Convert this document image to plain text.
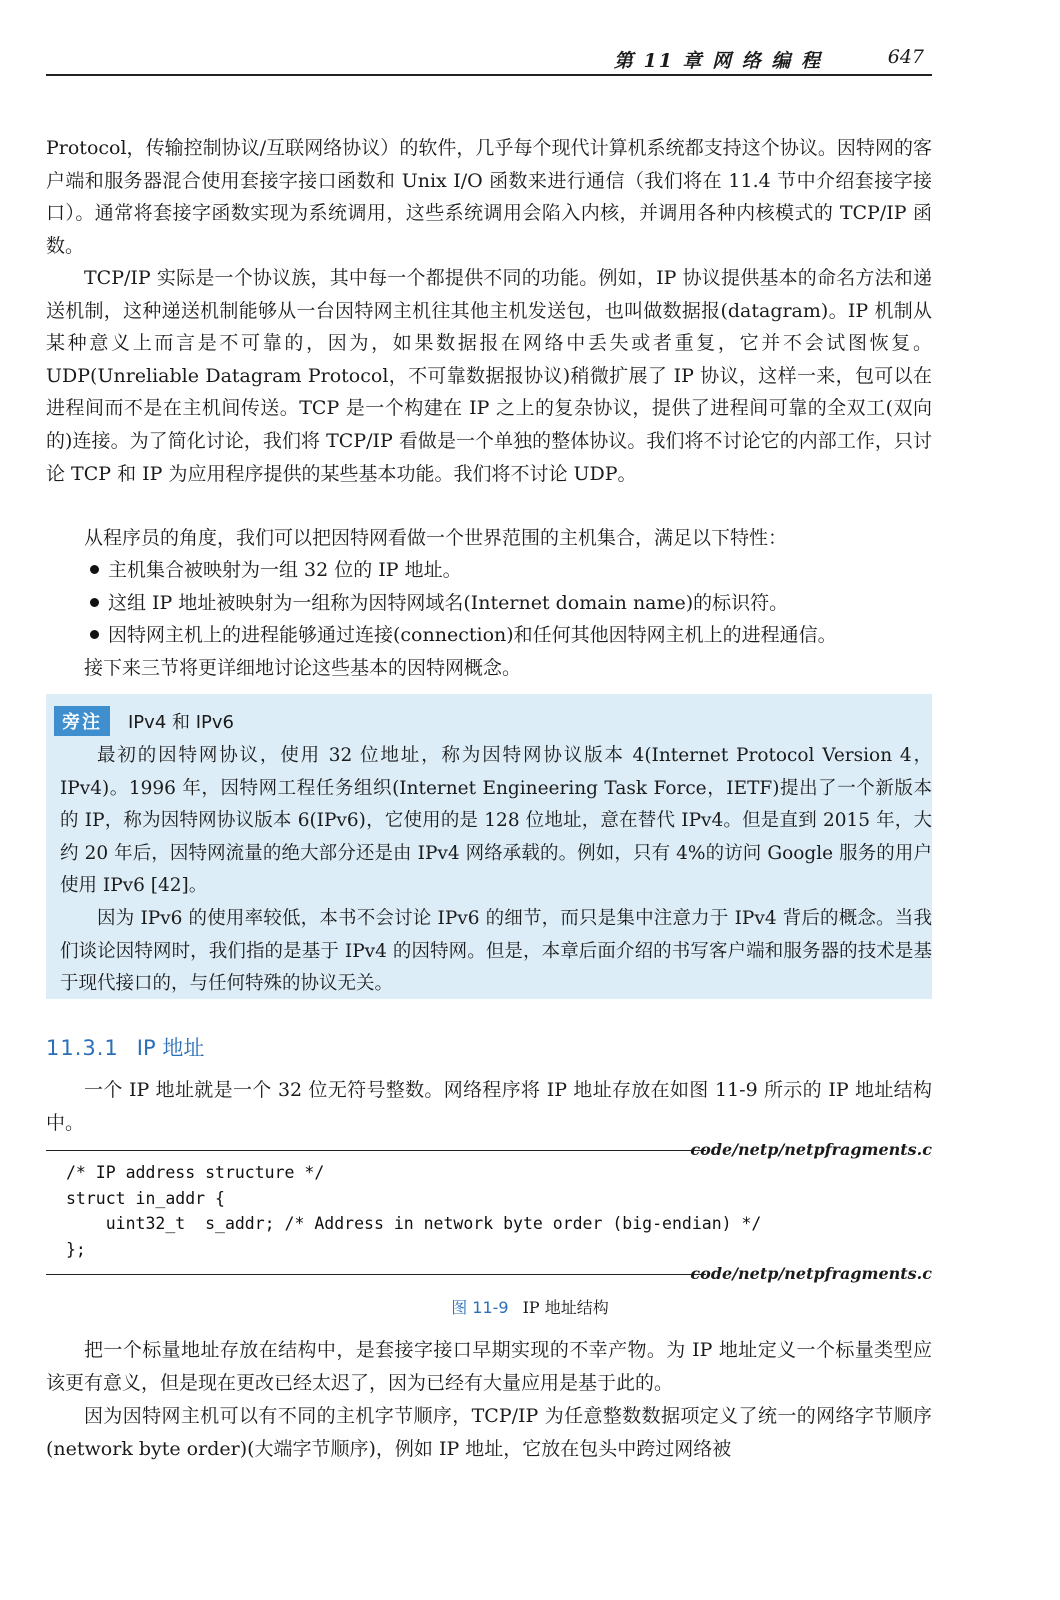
第 11 章 网 络 编 程	647

Protocol，传输控制协议/互联网络协议）的软件，几乎每个现代计算机系统都支持这个协议。因特网的客户端和服务器混合使用套接字接口函数和 Unix I/O 函数来进行通信（我们将在 11.4 节中介绍套接字接口）。通常将套接字函数实现为系统调用，这些系统调用会陷入内核，并调用各种内核模式的 TCP/IP 函数。

TCP/IP 实际是一个协议族，其中每一个都提供不同的功能。例如，IP 协议提供基本的命名方法和递送机制，这种递送机制能够从一台因特网主机往其他主机发送包，也叫做数据报(datagram)。IP 机制从某种意义上而言是不可靠的，因为，如果数据报在网络中丢失或者重复，它并不会试图恢复。UDP(Unreliable Datagram Protocol，不可靠数据报协议)稍微扩展了 IP 协议，这样一来，包可以在进程间而不是在主机间传送。TCP 是一个构建在 IP 之上的复杂协议，提供了进程间可靠的全双工(双向的)连接。为了简化讨论，我们将 TCP/IP 看做是一个单独的整体协议。我们将不讨论它的内部工作，只讨论 TCP 和 IP 为应用程序提供的某些基本功能。我们将不讨论 UDP。

从程序员的角度，我们可以把因特网看做一个世界范围的主机集合，满足以下特性：

主机集合被映射为一组 32 位的 IP 地址。
这组 IP 地址被映射为一组称为因特网域名(Internet domain name)的标识符。
因特网主机上的进程能够通过连接(connection)和任何其他因特网主机上的进程通信。

接下来三节将更详细地讨论这些基本的因特网概念。

旁注	IPv4 和 IPv6

最初的因特网协议，使用 32 位地址，称为因特网协议版本 4(Internet Protocol Version 4，IPv4)。1996 年，因特网工程任务组织(Internet Engineering Task Force，IETF)提出了一个新版本的 IP，称为因特网协议版本 6(IPv6)，它使用的是 128 位地址，意在替代 IPv4。但是直到 2015 年，大约 20 年后，因特网流量的绝大部分还是由 IPv4 网络承载的。例如，只有 4%的访问 Google 服务的用户使用 IPv6 [42]。

因为 IPv6 的使用率较低，本书不会讨论 IPv6 的细节，而只是集中注意力于 IPv4 背后的概念。当我们谈论因特网时，我们指的是基于 IPv4 的因特网。但是，本章后面介绍的书写客户端和服务器的技术是基于现代接口的，与任何特殊的协议无关。

11.3.1 IP 地址

一个 IP 地址就是一个 32 位无符号整数。网络程序将 IP 地址存放在如图 11-9 所示的 IP 地址结构中。

code/netp/netpfragments.c
/* IP address structure */
struct in_addr {
uint32_t  s_addr; /* Address in network byte order (big-endian) */
};
code/netp/netpfragments.c
图 11-9 IP 地址结构

把一个标量地址存放在结构中，是套接字接口早期实现的不幸产物。为 IP 地址定义一个标量类型应该更有意义，但是现在更改已经太迟了，因为已经有大量应用是基于此的。

因为因特网主机可以有不同的主机字节顺序，TCP/IP 为任意整数数据项定义了统一的网络字节顺序(network byte order)(大端字节顺序)，例如 IP 地址，它放在包头中跨过网络被
